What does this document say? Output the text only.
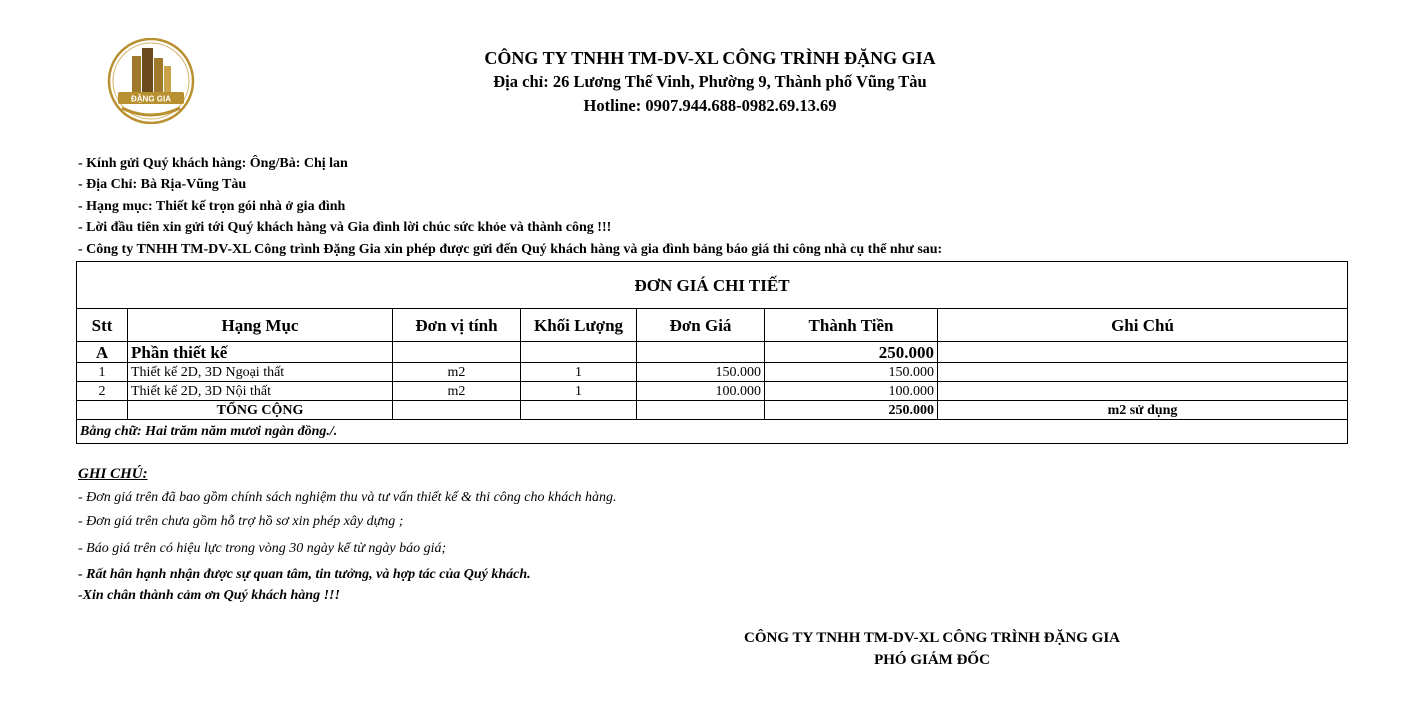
ĐẶNG GIA
CÔNG TY TNHH TM-DV-XL CÔNG TRÌNH ĐẶNG GIA
Địa chỉ: 26 Lương Thế Vinh, Phường 9, Thành phố Vũng Tàu
Hotline: 0907.944.688-0982.69.13.69
- Kính gửi Quý khách hàng: Ông/Bà: Chị lan
- Địa Chỉ: Bà Rịa-Vũng Tàu
- Hạng mục: Thiết kế trọn gói nhà ở gia đình
- Lời đầu tiên xin gửi tới Quý khách hàng và Gia đình lời chúc sức khỏe và thành công !!!
- Công ty TNHH TM-DV-XL Công trình Đặng Gia xin phép được gửi đến Quý khách hàng và gia đình bảng báo giá thi công nhà cụ thể như sau:
ĐƠN GIÁ CHI TIẾT						
Stt	Hạng Mục	Đơn vị tính	Khối Lượng	Đơn Giá	Thành Tiền	Ghi Chú
A	Phần thiết kế				250.000	
1	Thiết kế 2D, 3D Ngoại thất	m2	1	150.000	150.000	
2	Thiết kế 2D, 3D Nội thất	m2	1	100.000	100.000	
	TỔNG CỘNG				250.000	m2 sử dụng
Bằng chữ: Hai trăm năm mươi ngàn đồng./.						
GHI CHÚ:
- Đơn giá trên đã bao gồm chính sách nghiệm thu và tư vấn thiết kế & thi công cho khách hàng.
- Đơn giá trên chưa gồm hỗ trợ hồ sơ xin phép xây dựng ;
- Báo giá trên có hiệu lực trong vòng 30 ngày kể từ ngày báo giá;
- Rất hân hạnh nhận được sự quan tâm, tin tưởng, và hợp tác của Quý khách.
-Xin chân thành cảm ơn Quý khách hàng !!!
CÔNG TY TNHH TM-DV-XL CÔNG TRÌNH ĐẶNG GIA
PHÓ GIÁM ĐỐC
